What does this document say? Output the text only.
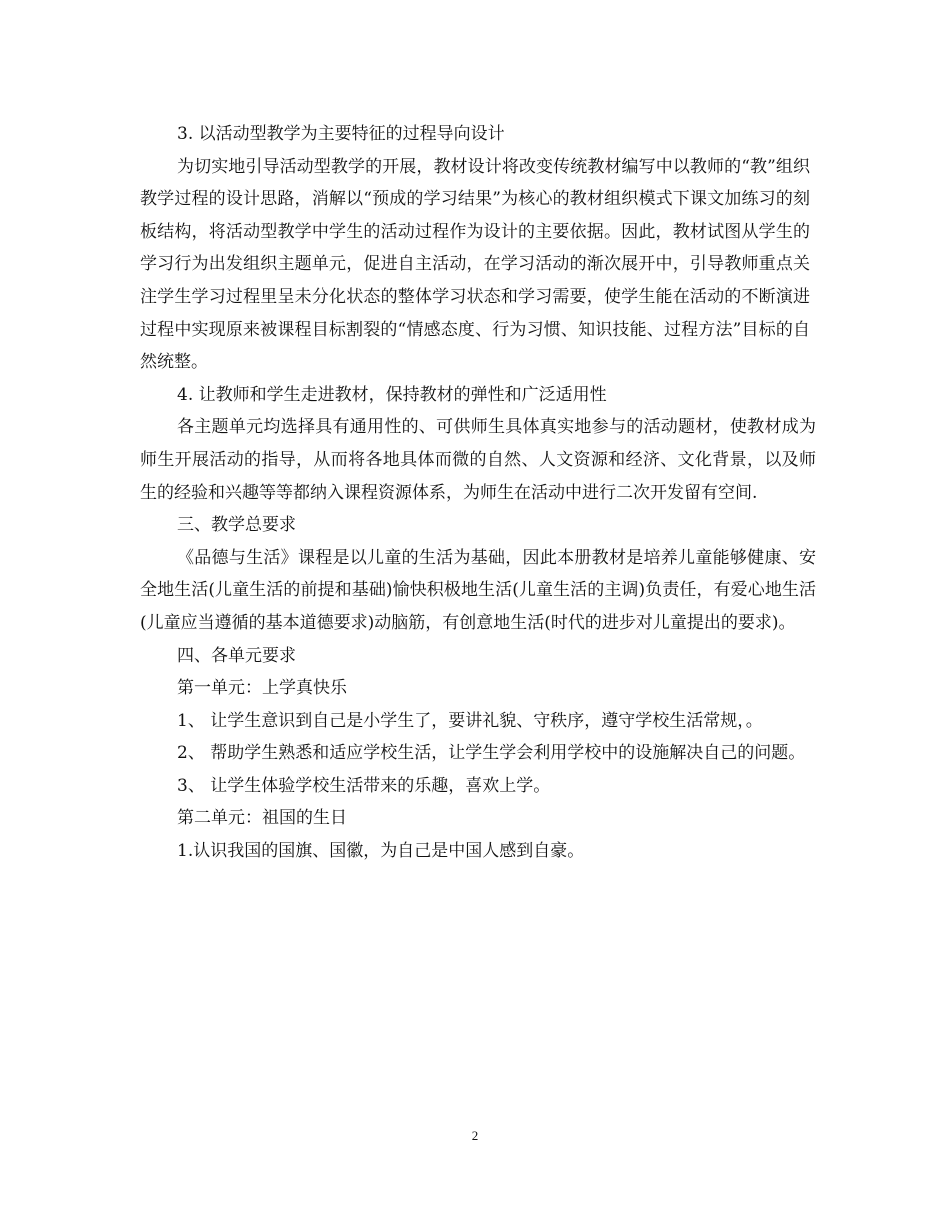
3. 以活动型教学为主要特征的过程导向设计

为切实地引导活动型教学的开展，教材设计将改变传统教材编写中以教师的“教”组织教学过程的设计思路，消解以“预成的学习结果”为核心的教材组织模式下课文加练习的刻板结构，将活动型教学中学生的活动过程作为设计的主要依据。因此，教材试图从学生的学习行为出发组织主题单元，促进自主活动，在学习活动的渐次展开中，引导教师重点关注学生学习过程里呈未分化状态的整体学习状态和学习需要，使学生能在活动的不断演进过程中实现原来被课程目标割裂的“情感态度、行为习惯、知识技能、过程方法”目标的自然统整。

4. 让教师和学生走进教材，保持教材的弹性和广泛适用性

各主题单元均选择具有通用性的、可供师生具体真实地参与的活动题材，使教材成为师生开展活动的指导，从而将各地具体而微的自然、人文资源和经济、文化背景，以及师生的经验和兴趣等等都纳入课程资源体系，为师生在活动中进行二次开发留有空间.

三、教学总要求

《品德与生活》课程是以儿童的生活为基础，因此本册教材是培养儿童能够健康、安全地生活(儿童生活的前提和基础)愉快积极地生活(儿童生活的主调)负责任，有爱心地生活(儿童应当遵循的基本道德要求)动脑筋，有创意地生活(时代的进步对儿童提出的要求)。

四、各单元要求

第一单元：上学真快乐

1、 让学生意识到自己是小学生了，要讲礼貌、守秩序，遵守学校生活常规，。

2、 帮助学生熟悉和适应学校生活，让学生学会利用学校中的设施解决自己的问题。

3、 让学生体验学校生活带来的乐趣，喜欢上学。

第二单元：祖国的生日

1.认识我国的国旗、国徽，为自己是中国人感到自豪。

2
